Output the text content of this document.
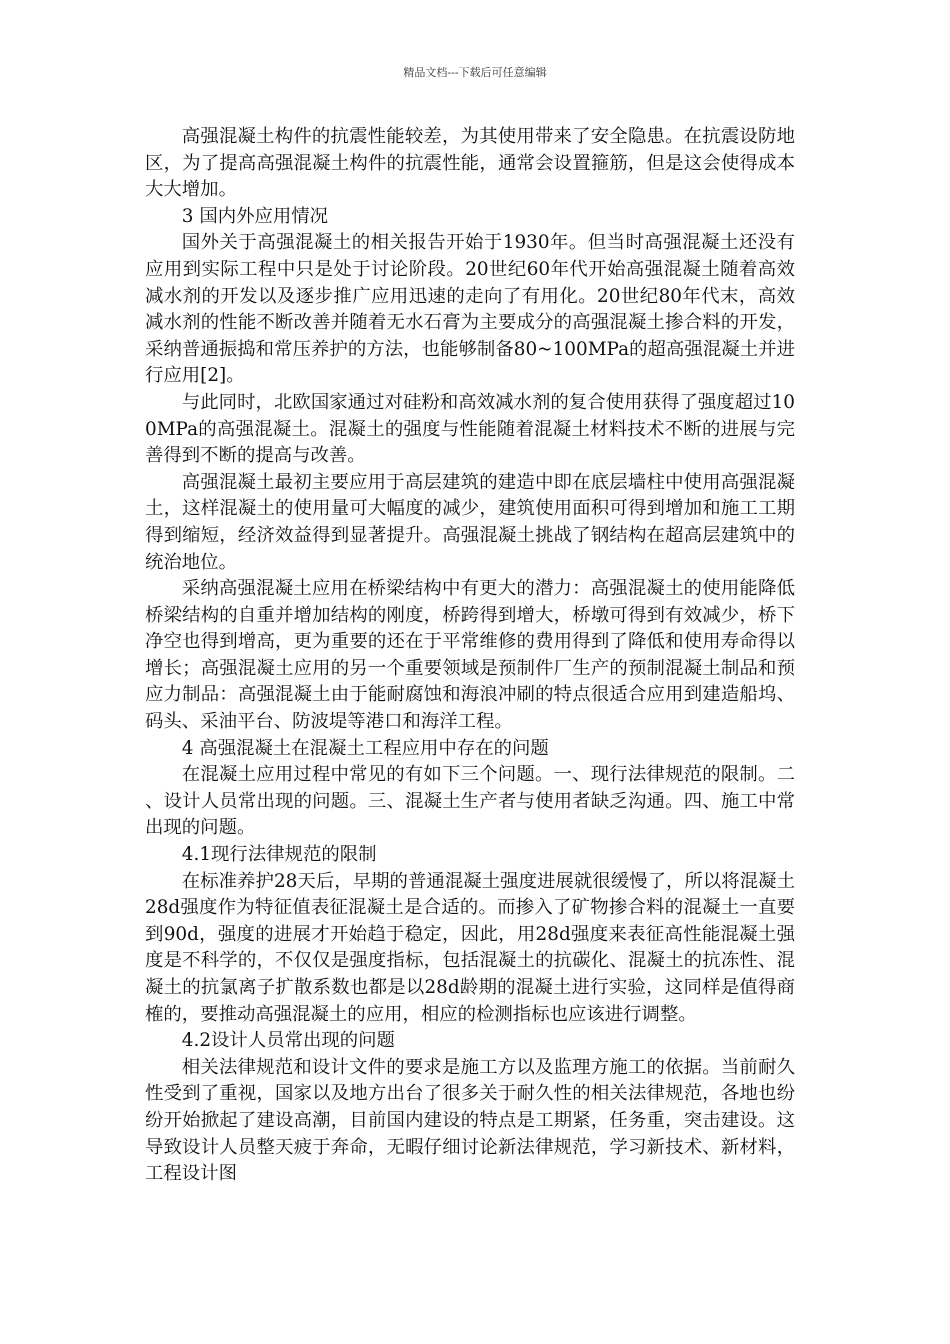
精品文档---下载后可任意编辑

高强混凝土构件的抗震性能较差，为其使用带来了安全隐患。在抗震设防地区，为了提高高强混凝土构件的抗震性能，通常会设置箍筋，但是这会使得成本大大增加。

3 国内外应用情况

国外关于高强混凝土的相关报告开始于1930年。但当时高强混凝土还没有应用到实际工程中只是处于讨论阶段。20世纪60年代开始高强混凝土随着高效减水剂的开发以及逐步推广应用迅速的走向了有用化。20世纪80年代末，高效减水剂的性能不断改善并随着无水石膏为主要成分的高强混凝土掺合料的开发，采纳普通振捣和常压养护的方法，也能够制备80~100MPa的超高强混凝土并进行应用[2]。

与此同时，北欧国家通过对硅粉和高效减水剂的复合使用获得了强度超过100MPa的高强混凝土。混凝土的强度与性能随着混凝土材料技术不断的进展与完善得到不断的提高与改善。

高强混凝土最初主要应用于高层建筑的建造中即在底层墙柱中使用高强混凝土，这样混凝土的使用量可大幅度的减少，建筑使用面积可得到增加和施工工期得到缩短，经济效益得到显著提升。高强混凝土挑战了钢结构在超高层建筑中的统治地位。

采纳高强混凝土应用在桥梁结构中有更大的潜力：高强混凝土的使用能降低桥梁结构的自重并增加结构的刚度，桥跨得到增大，桥墩可得到有效减少，桥下净空也得到增高，更为重要的还在于平常维修的费用得到了降低和使用寿命得以增长；高强混凝土应用的另一个重要领域是预制件厂生产的预制混凝土制品和预应力制品：高强混凝土由于能耐腐蚀和海浪冲刷的特点很适合应用到建造船坞、码头、采油平台、防波堤等港口和海洋工程。

4 高强混凝土在混凝土工程应用中存在的问题

在混凝土应用过程中常见的有如下三个问题。一、现行法律规范的限制。二、设计人员常出现的问题。三、混凝土生产者与使用者缺乏沟通。四、施工中常出现的问题。

4.1现行法律规范的限制

在标准养护28天后，早期的普通混凝土强度进展就很缓慢了，所以将混凝土28d强度作为特征值表征混凝土是合适的。而掺入了矿物掺合料的混凝土一直要到90d，强度的进展才开始趋于稳定，因此，用28d强度来表征高性能混凝土强度是不科学的，不仅仅是强度指标，包括混凝土的抗碳化、混凝土的抗冻性、混凝土的抗氯离子扩散系数也都是以28d龄期的混凝土进行实验，这同样是值得商榷的，要推动高强混凝土的应用，相应的检测指标也应该进行调整。

4.2设计人员常出现的问题

相关法律规范和设计文件的要求是施工方以及监理方施工的依据。当前耐久性受到了重视，国家以及地方出台了很多关于耐久性的相关法律规范，各地也纷纷开始掀起了建设高潮，目前国内建设的特点是工期紧，任务重，突击建设。这导致设计人员整天疲于奔命，无暇仔细讨论新法律规范，学习新技术、新材料，工程设计图
